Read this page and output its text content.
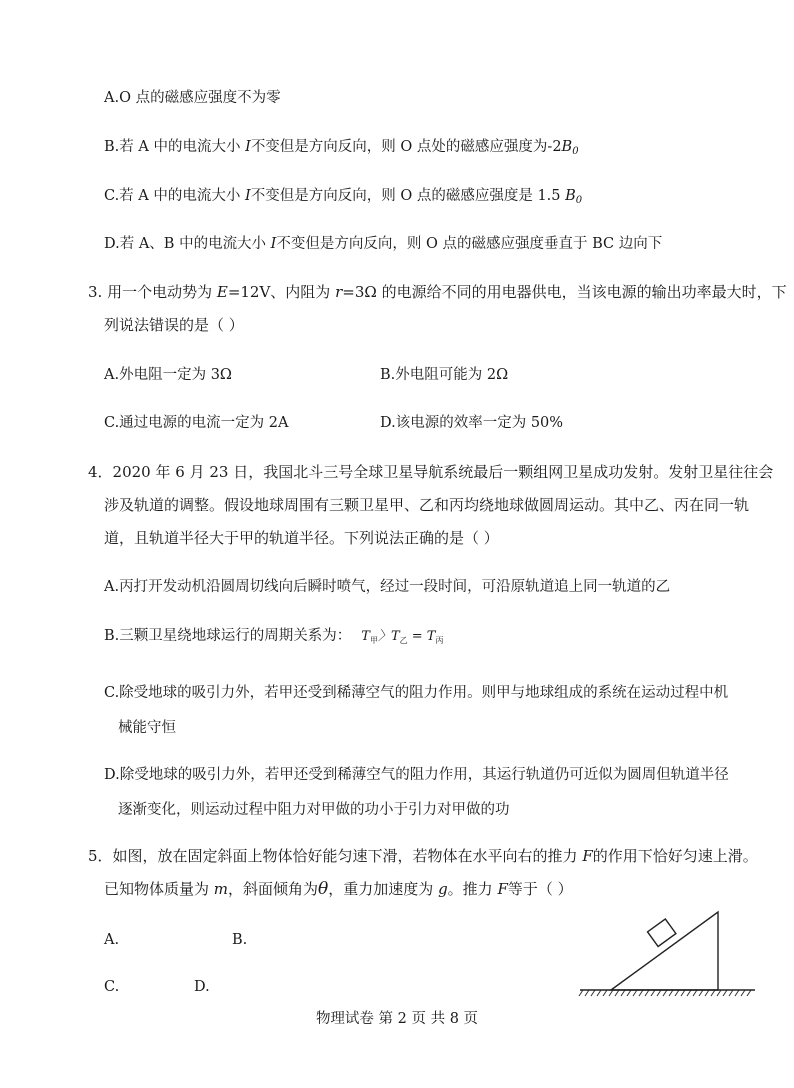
A.O 点的磁感应强度不为零
B.若 A 中的电流大小 I不变但是方向反向，则 O 点处的磁感应强度为$-2B_0$
C.若 A 中的电流大小 I不变但是方向反向，则 O 点的磁感应强度是 1.5 $B_0$
D.若 A、B 中的电流大小 I不变但是方向反向，则 O 点的磁感应强度垂直于 BC 边向下
3. 用一个电动势为 E=12V、内阻为 r=3Ω 的电源给不同的用电器供电，当该电源的输出功率最大时，下
列说法错误的是（ ）
A.外电阻一定为 3Ω	B.外电阻可能为 2Ω
C.通过电源的电流一定为 2A	D.该电源的效率一定为 50%
4．2020 年 6 月 23 日，我国北斗三号全球卫星导航系统最后一颗组网卫星成功发射。发射卫星往往会
涉及轨道的调整。假设地球周围有三颗卫星甲、乙和丙均绕地球做圆周运动。其中乙、丙在同一轨
道，且轨道半径大于甲的轨道半径。下列说法正确的是（ ）
A.丙打开发动机沿圆周切线向后瞬时喷气，经过一段时间，可沿原轨道追上同一轨道的乙
B.三颗卫星绕地球运行的周期关系为： $T_甲$〉$T_乙 = T_丙$
C.除受地球的吸引力外，若甲还受到稀薄空气的阻力作用。则甲与地球组成的系统在运动过程中机
械能守恒
D.除受地球的吸引力外，若甲还受到稀薄空气的阻力作用，其运行轨道仍可近似为圆周但轨道半径
逐渐变化，则运动过程中阻力对甲做的功小于引力对甲做的功
5．如图，放在固定斜面上物体恰好能匀速下滑，若物体在水平向右的推力 F的作用下恰好匀速上滑。
已知物体质量为 m，斜面倾角为θ，重力加速度为 g。推力 F等于（ ）
A.	B.
C.	D.
物理试卷 第 2 页 共 8 页
